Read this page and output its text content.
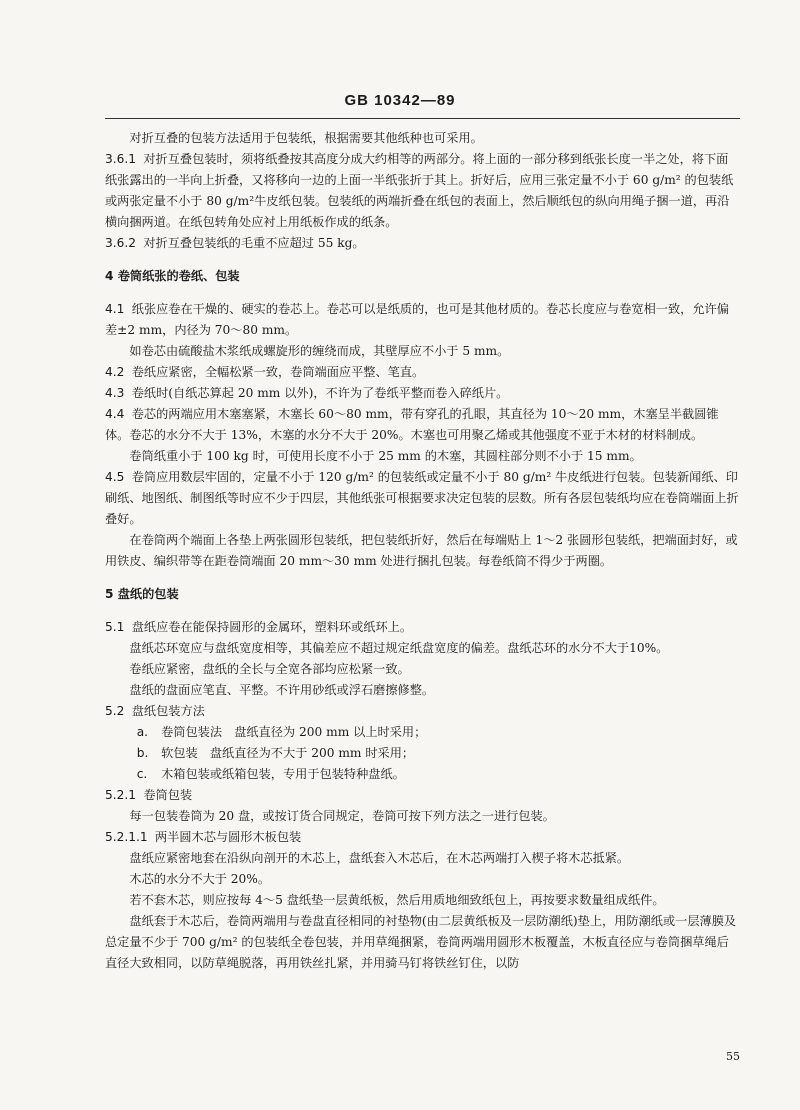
GB 10342—89

对折互叠的包装方法适用于包装纸，根据需要其他纸种也可采用。

3.6.1 对折互叠包装时，须将纸叠按其高度分成大约相等的两部分。将上面的一部分移到纸张长度一半之处，将下面纸张露出的一半向上折叠，又将移向一边的上面一半纸张折于其上。折好后，应用三张定量不小于 60 g/m² 的包装纸或两张定量不小于 80 g/m²牛皮纸包装。包装纸的两端折叠在纸包的表面上，然后顺纸包的纵向用绳子捆一道，再沿横向捆两道。在纸包转角处应衬上用纸板作成的纸条。

3.6.2 对折互叠包装纸的毛重不应超过 55 kg。

4 卷筒纸张的卷纸、包装

4.1 纸张应卷在干燥的、硬实的卷芯上。卷芯可以是纸质的，也可是其他材质的。卷芯长度应与卷宽相一致，允许偏差±2 mm，内径为 70～80 mm。

如卷芯由硫酸盐木浆纸成螺旋形的缠绕而成，其壁厚应不小于 5 mm。

4.2 卷纸应紧密，全幅松紧一致，卷筒端面应平整、笔直。

4.3 卷纸时(自纸芯算起 20 mm 以外)，不许为了卷纸平整而卷入碎纸片。

4.4 卷芯的两端应用木塞塞紧，木塞长 60～80 mm，带有穿孔的孔眼，其直径为 10～20 mm，木塞呈半截圆锥体。卷芯的水分不大于 13%，木塞的水分不大于 20%。木塞也可用聚乙烯或其他强度不亚于木材的材料制成。

卷筒纸重小于 100 kg 时，可使用长度不小于 25 mm 的木塞，其圆柱部分则不小于 15 mm。

4.5 卷筒应用数层牢固的，定量不小于 120 g/m² 的包装纸或定量不小于 80 g/m² 牛皮纸进行包装。包装新闻纸、印刷纸、地图纸、制图纸等时应不少于四层，其他纸张可根据要求决定包装的层数。所有各层包装纸均应在卷筒端面上折叠好。

在卷筒两个端面上各垫上两张圆形包装纸，把包装纸折好，然后在每端贴上 1～2 张圆形包装纸，把端面封好，或用铁皮、编织带等在距卷筒端面 20 mm～30 mm 处进行捆扎包装。每卷纸筒不得少于两圈。

5 盘纸的包装

5.1 盘纸应卷在能保持圆形的金属环，塑料环或纸环上。

盘纸芯环宽应与盘纸宽度相等，其偏差应不超过规定纸盘宽度的偏差。盘纸芯环的水分不大于10%。

卷纸应紧密，盘纸的全长与全宽各部均应松紧一致。

盘纸的盘面应笔直、平整。不许用砂纸或浮石磨擦修整。

5.2 盘纸包装方法

a. 卷筒包装法　盘纸直径为 200 mm 以上时采用；

b. 软包装　盘纸直径为不大于 200 mm 时采用；

c. 木箱包装或纸箱包装，专用于包装特种盘纸。

5.2.1 卷筒包装

每一包装卷筒为 20 盘，或按订货合同规定，卷筒可按下列方法之一进行包装。

5.2.1.1 两半圆木芯与圆形木板包装

盘纸应紧密地套在沿纵向剖开的木芯上，盘纸套入木芯后，在木芯两端打入楔子将木芯抵紧。

木芯的水分不大于 20%。

若不套木芯，则应按每 4～5 盘纸垫一层黄纸板，然后用质地细致纸包上，再按要求数量组成纸件。

盘纸套于木芯后，卷筒两端用与卷盘直径相同的衬垫物(由二层黄纸板及一层防潮纸)垫上，用防潮纸或一层薄膜及总定量不少于 700 g/m² 的包装纸全卷包装，并用草绳捆紧，卷筒两端用圆形木板覆盖，木板直径应与卷筒捆草绳后直径大致相同，以防草绳脱落，再用铁丝扎紧，并用骑马钉将铁丝钉住，以防

55
